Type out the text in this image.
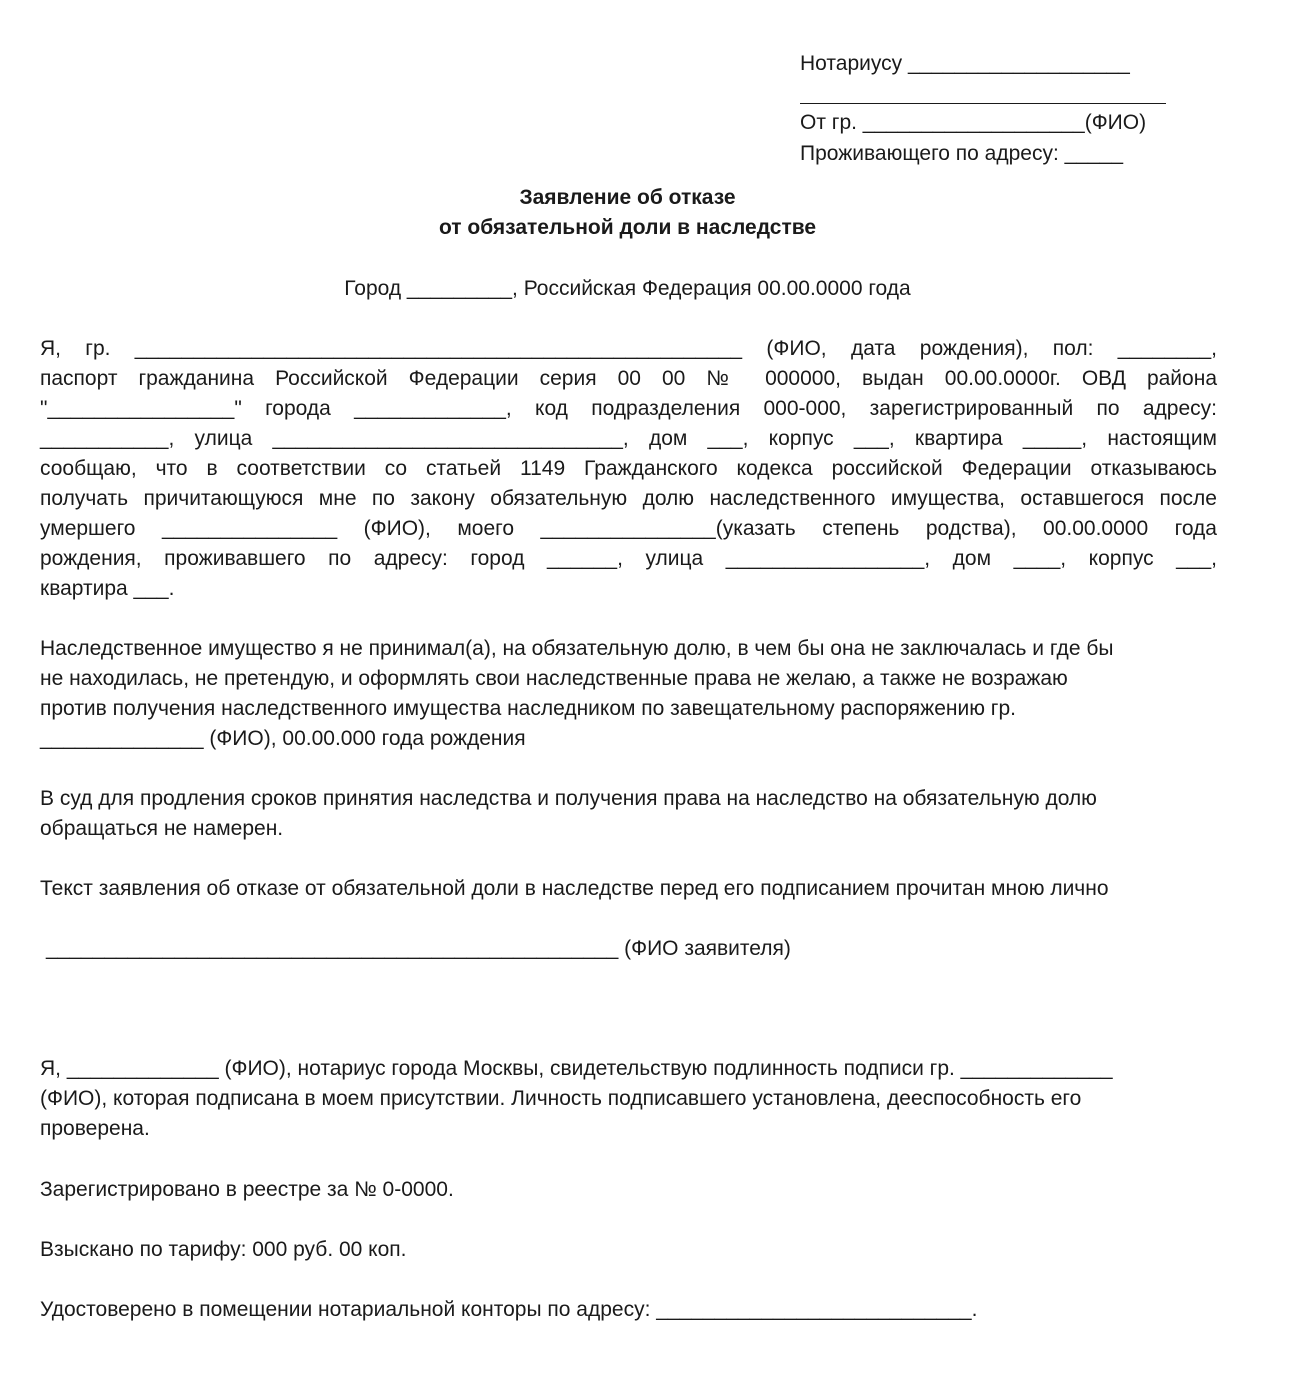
Нотариусу ___________________
От гр. ___________________(ФИО)
Проживающего по адресу: _____
Заявление об отказе
от обязательной доли в наследстве
Город _________, Российская Федерация 00.00.0000 года
Я, гр. ____________________________________________________ (ФИО, дата рождения), пол: ________,
паспорт гражданина Российской Федерации серия 00 00 № 000000, выдан 00.00.0000г. ОВД района
"________________" города _____________, код подразделения 000-000, зарегистрированный по адресу:
___________, улица ______________________________, дом ___, корпус ___, квартира _____, настоящим
сообщаю, что в соответствии со статьей 1149 Гражданского кодекса российской Федерации отказываюсь
получать причитающуюся мне по закону обязательную долю наследственного имущества, оставшегося после
умершего _______________ (ФИО), моего _______________(указать степень родства), 00.00.0000 года
рождения, проживавшего по адресу: город ______, улица _________________, дом ____, корпус ___,
квартира ___.
Наследственное имущество я не принимал(а), на обязательную долю, в чем бы она не заключалась и где бы
не находилась, не претендую, и оформлять свои наследственные права не желаю, а также не возражаю
против получения наследственного имущества наследником по завещательному распоряжению гр.
______________ (ФИО), 00.00.000 года рождения
В суд для продления сроков принятия наследства и получения права на наследство на обязательную долю
обращаться не намерен.
Текст заявления об отказе от обязательной доли в наследстве перед его подписанием прочитан мною лично
_________________________________________________ (ФИО заявителя)
Я, _____________ (ФИО), нотариус города Москвы, свидетельствую подлинность подписи гр. _____________
(ФИО), которая подписана в моем присутствии. Личность подписавшего установлена, дееспособность его
проверена.
Зарегистрировано в реестре за № 0-0000.
Взыскано по тарифу: 000 руб. 00 коп.
Удостоверено в помещении нотариальной конторы по адресу: ___________________________.
